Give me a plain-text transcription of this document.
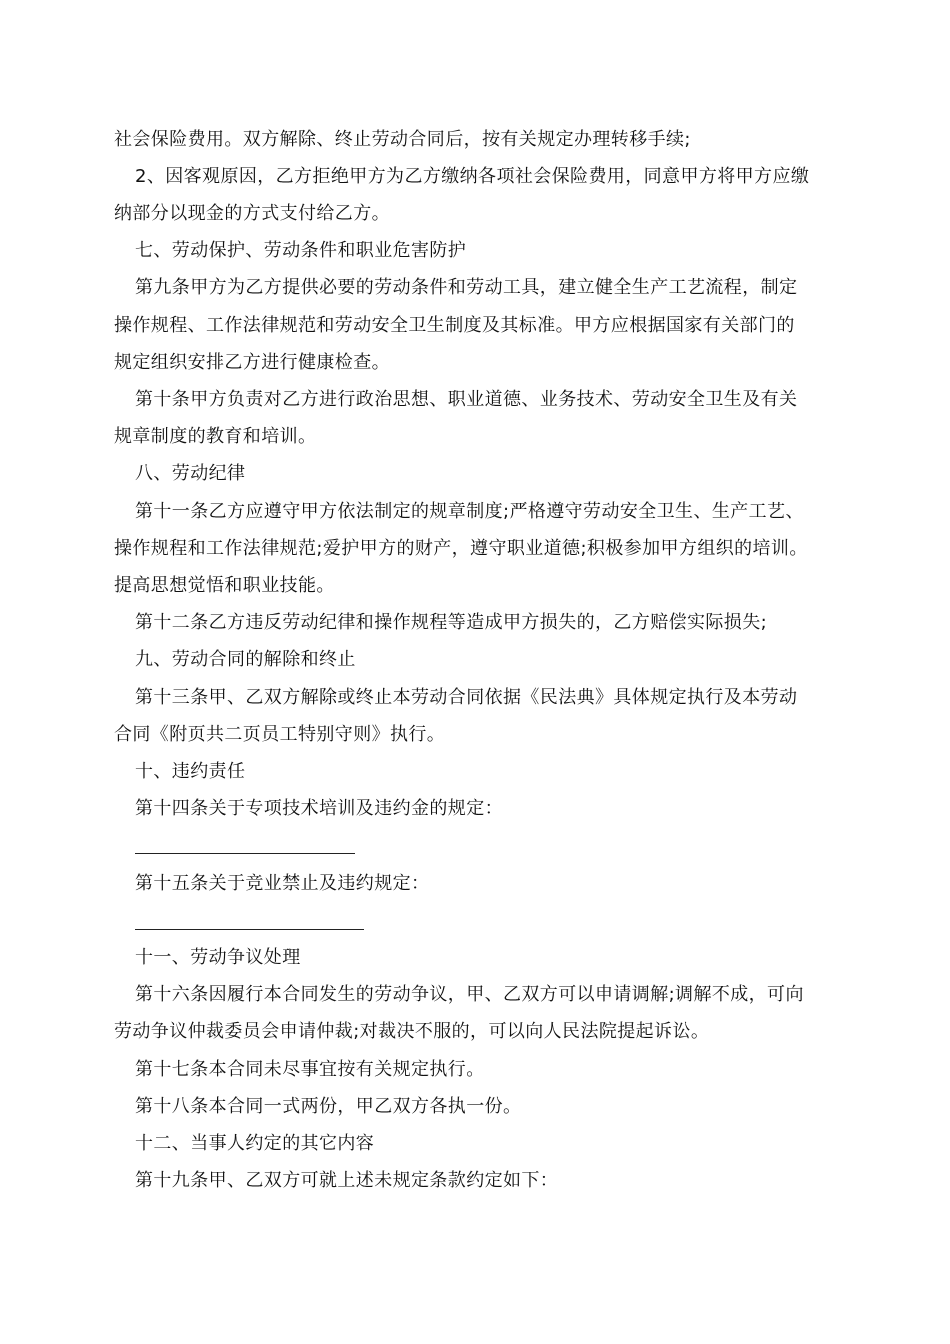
社会保险费用。双方解除、终止劳动合同后，按有关规定办理转移手续;
2、因客观原因，乙方拒绝甲方为乙方缴纳各项社会保险费用，同意甲方将甲方应缴
纳部分以现金的方式支付给乙方。
七、劳动保护、劳动条件和职业危害防护
第九条甲方为乙方提供必要的劳动条件和劳动工具，建立健全生产工艺流程，制定
操作规程、工作法律规范和劳动安全卫生制度及其标准。甲方应根据国家有关部门的
规定组织安排乙方进行健康检查。
第十条甲方负责对乙方进行政治思想、职业道德、业务技术、劳动安全卫生及有关
规章制度的教育和培训。
八、劳动纪律
第十一条乙方应遵守甲方依法制定的规章制度;严格遵守劳动安全卫生、生产工艺、
操作规程和工作法律规范;爱护甲方的财产，遵守职业道德;积极参加甲方组织的培训。
提高思想觉悟和职业技能。
第十二条乙方违反劳动纪律和操作规程等造成甲方损失的，乙方赔偿实际损失;
九、劳动合同的解除和终止
第十三条甲、乙双方解除或终止本劳动合同依据《民法典》具体规定执行及本劳动
合同《附页共二页员工特别守则》执行。
十、违约责任
第十四条关于专项技术培训及违约金的规定：
第十五条关于竞业禁止及违约规定：
十一、劳动争议处理
第十六条因履行本合同发生的劳动争议，甲、乙双方可以申请调解;调解不成，可向
劳动争议仲裁委员会申请仲裁;对裁决不服的，可以向人民法院提起诉讼。
第十七条本合同未尽事宜按有关规定执行。
第十八条本合同一式两份，甲乙双方各执一份。
十二、当事人约定的其它内容
第十九条甲、乙双方可就上述未规定条款约定如下：
